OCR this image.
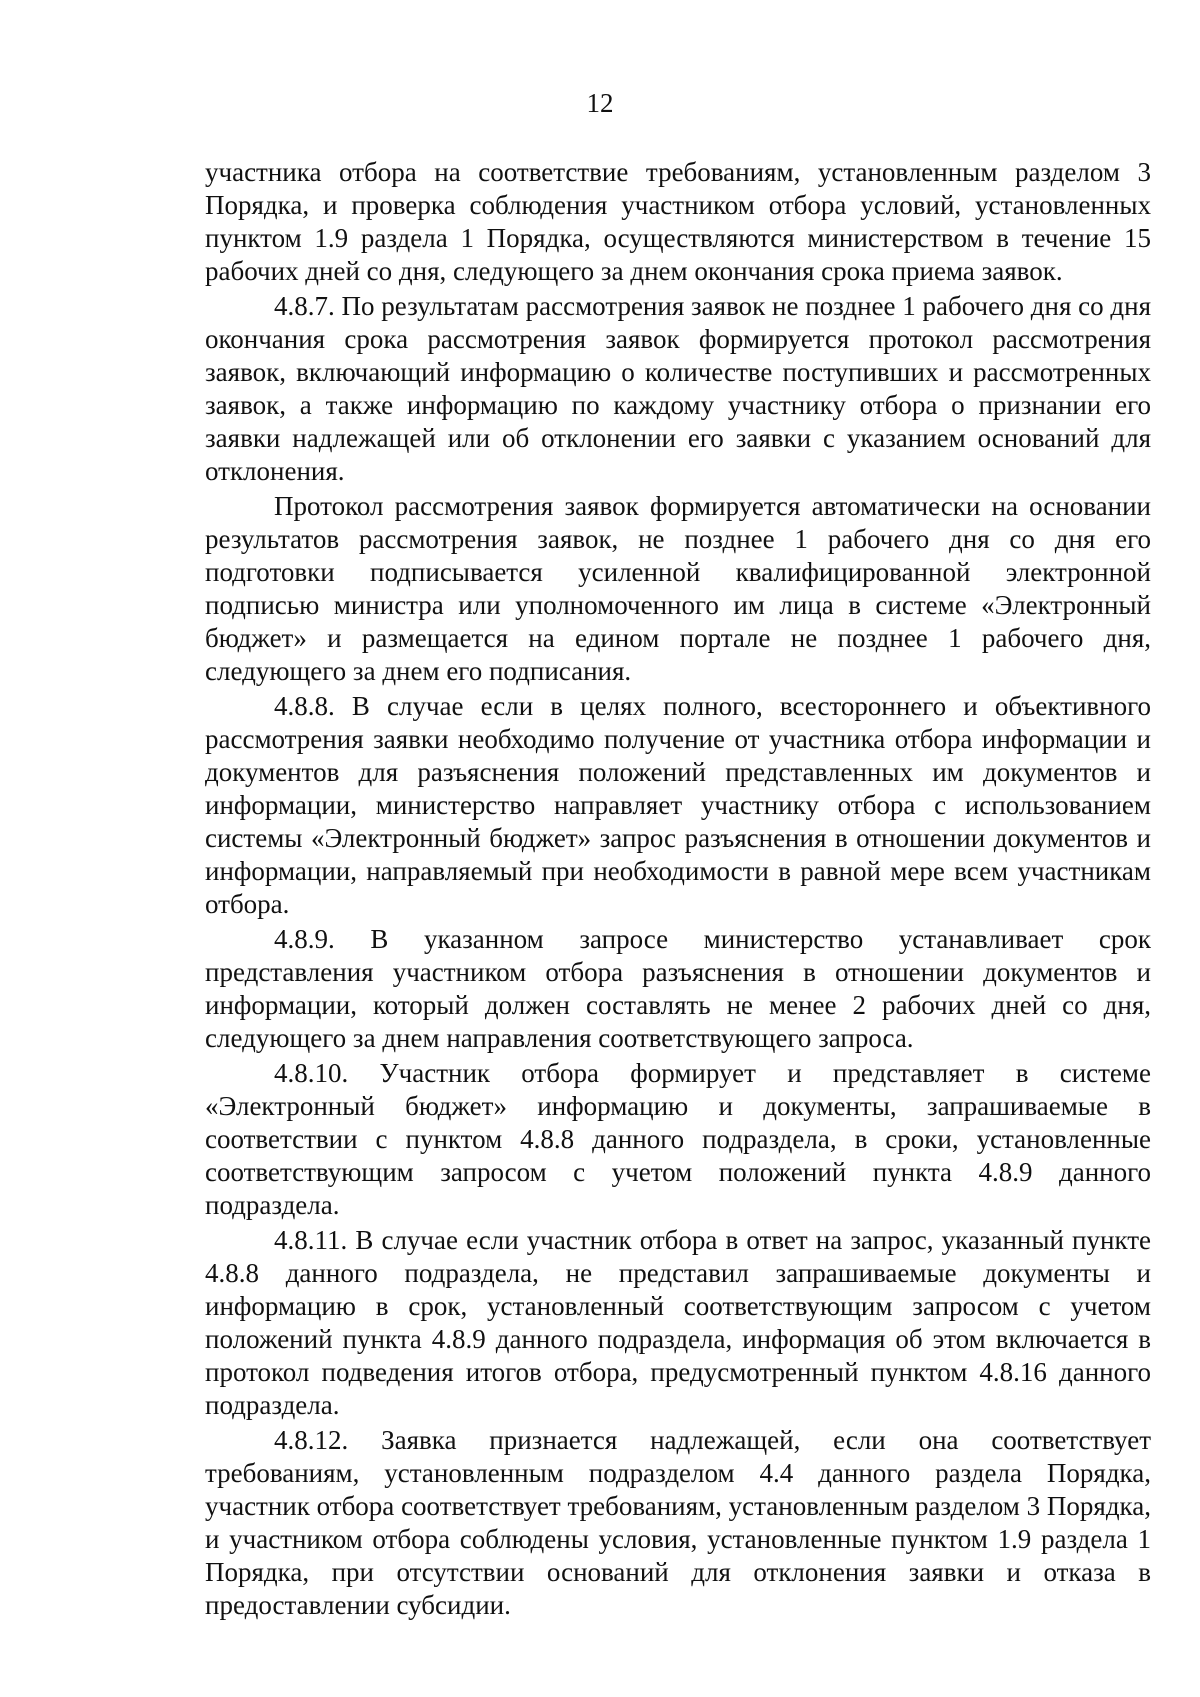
12

участника отбора на соответствие требованиям, установленным разделом 3 Порядка, и проверка соблюдения участником отбора условий, установленных пунктом 1.9 раздела 1 Порядка, осуществляются министерством в течение 15 рабочих дней со дня, следующего за днем окончания срока приема заявок.

4.8.7. По результатам рассмотрения заявок не позднее 1 рабочего дня со дня окончания срока рассмотрения заявок формируется протокол рассмотрения заявок, включающий информацию о количестве поступивших и рассмотренных заявок, а также информацию по каждому участнику отбора о признании его заявки надлежащей или об отклонении его заявки с указанием оснований для отклонения.

Протокол рассмотрения заявок формируется автоматически на основании результатов рассмотрения заявок, не позднее 1 рабочего дня со дня его подготовки подписывается усиленной квалифицированной электронной подписью министра или уполномоченного им лица в системе «Электронный бюджет» и размещается на едином портале не позднее 1 рабочего дня, следующего за днем его подписания.

4.8.8. В случае если в целях полного, всестороннего и объективного рассмотрения заявки необходимо получение от участника отбора информации и документов для разъяснения положений представленных им документов и информации, министерство направляет участнику отбора с использованием системы «Электронный бюджет» запрос разъяснения в отношении документов и информации, направляемый при необходимости в равной мере всем участникам отбора.

4.8.9. В указанном запросе министерство устанавливает срок представления участником отбора разъяснения в отношении документов и информации, который должен составлять не менее 2 рабочих дней со дня, следующего за днем направления соответствующего запроса.

4.8.10. Участник отбора формирует и представляет в системе «Электронный бюджет» информацию и документы, запрашиваемые в соответствии с пунктом 4.8.8 данного подраздела, в сроки, установленные соответствующим запросом с учетом положений пункта 4.8.9 данного подраздела.

4.8.11. В случае если участник отбора в ответ на запрос, указанный пункте 4.8.8 данного подраздела, не представил запрашиваемые документы и информацию в срок, установленный соответствующим запросом с учетом положений пункта 4.8.9 данного подраздела, информация об этом включается в протокол подведения итогов отбора, предусмотренный пунктом 4.8.16 данного подраздела.

4.8.12. Заявка признается надлежащей, если она соответствует требованиям, установленным подразделом 4.4 данного раздела Порядка, участник отбора соответствует требованиям, установленным разделом 3 Порядка, и участником отбора соблюдены условия, установленные пунктом 1.9 раздела 1 Порядка, при отсутствии оснований для отклонения заявки и отказа в предоставлении субсидии.
